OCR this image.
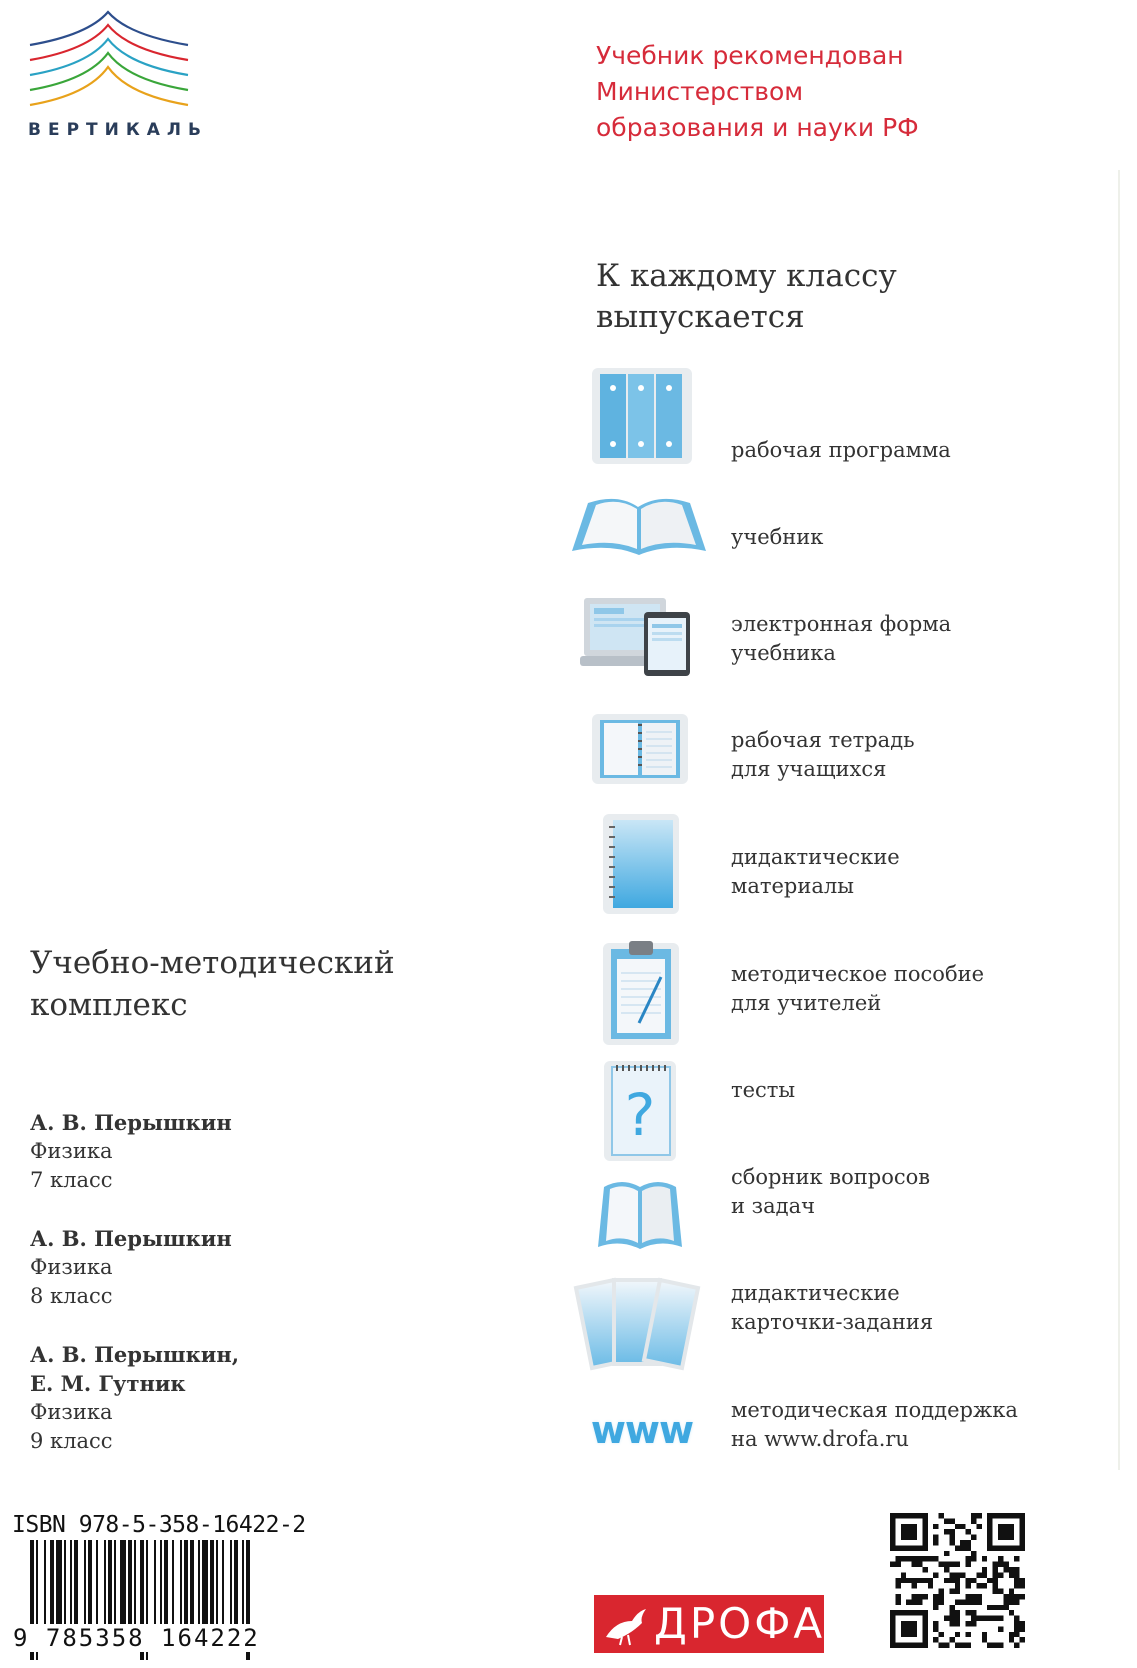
ВЕРТИКАЛЬ
Учебник рекомендован
Министерством
образования и науки РФ
К каждому классу
выпускается
рабочая программа
учебник
электронная форма
учебника
рабочая тетрадь
для учащихся
дидактические
материалы
методическое пособие
для учителей
?	тесты
сборник вопросов
и задач
дидактические
карточки-задания
www	методическая поддержка
на www.drofa.ru
Учебно-методический
комплекс
А. В. Перышкин
Физика
7 класс
А. В. Перышкин
Физика
8 класс
А. В. Перышкин,
Е. М. Гутник
Физика
9 класс
ISBN 978-5-358-16422-2
9 785358 164222	ДРОФА
